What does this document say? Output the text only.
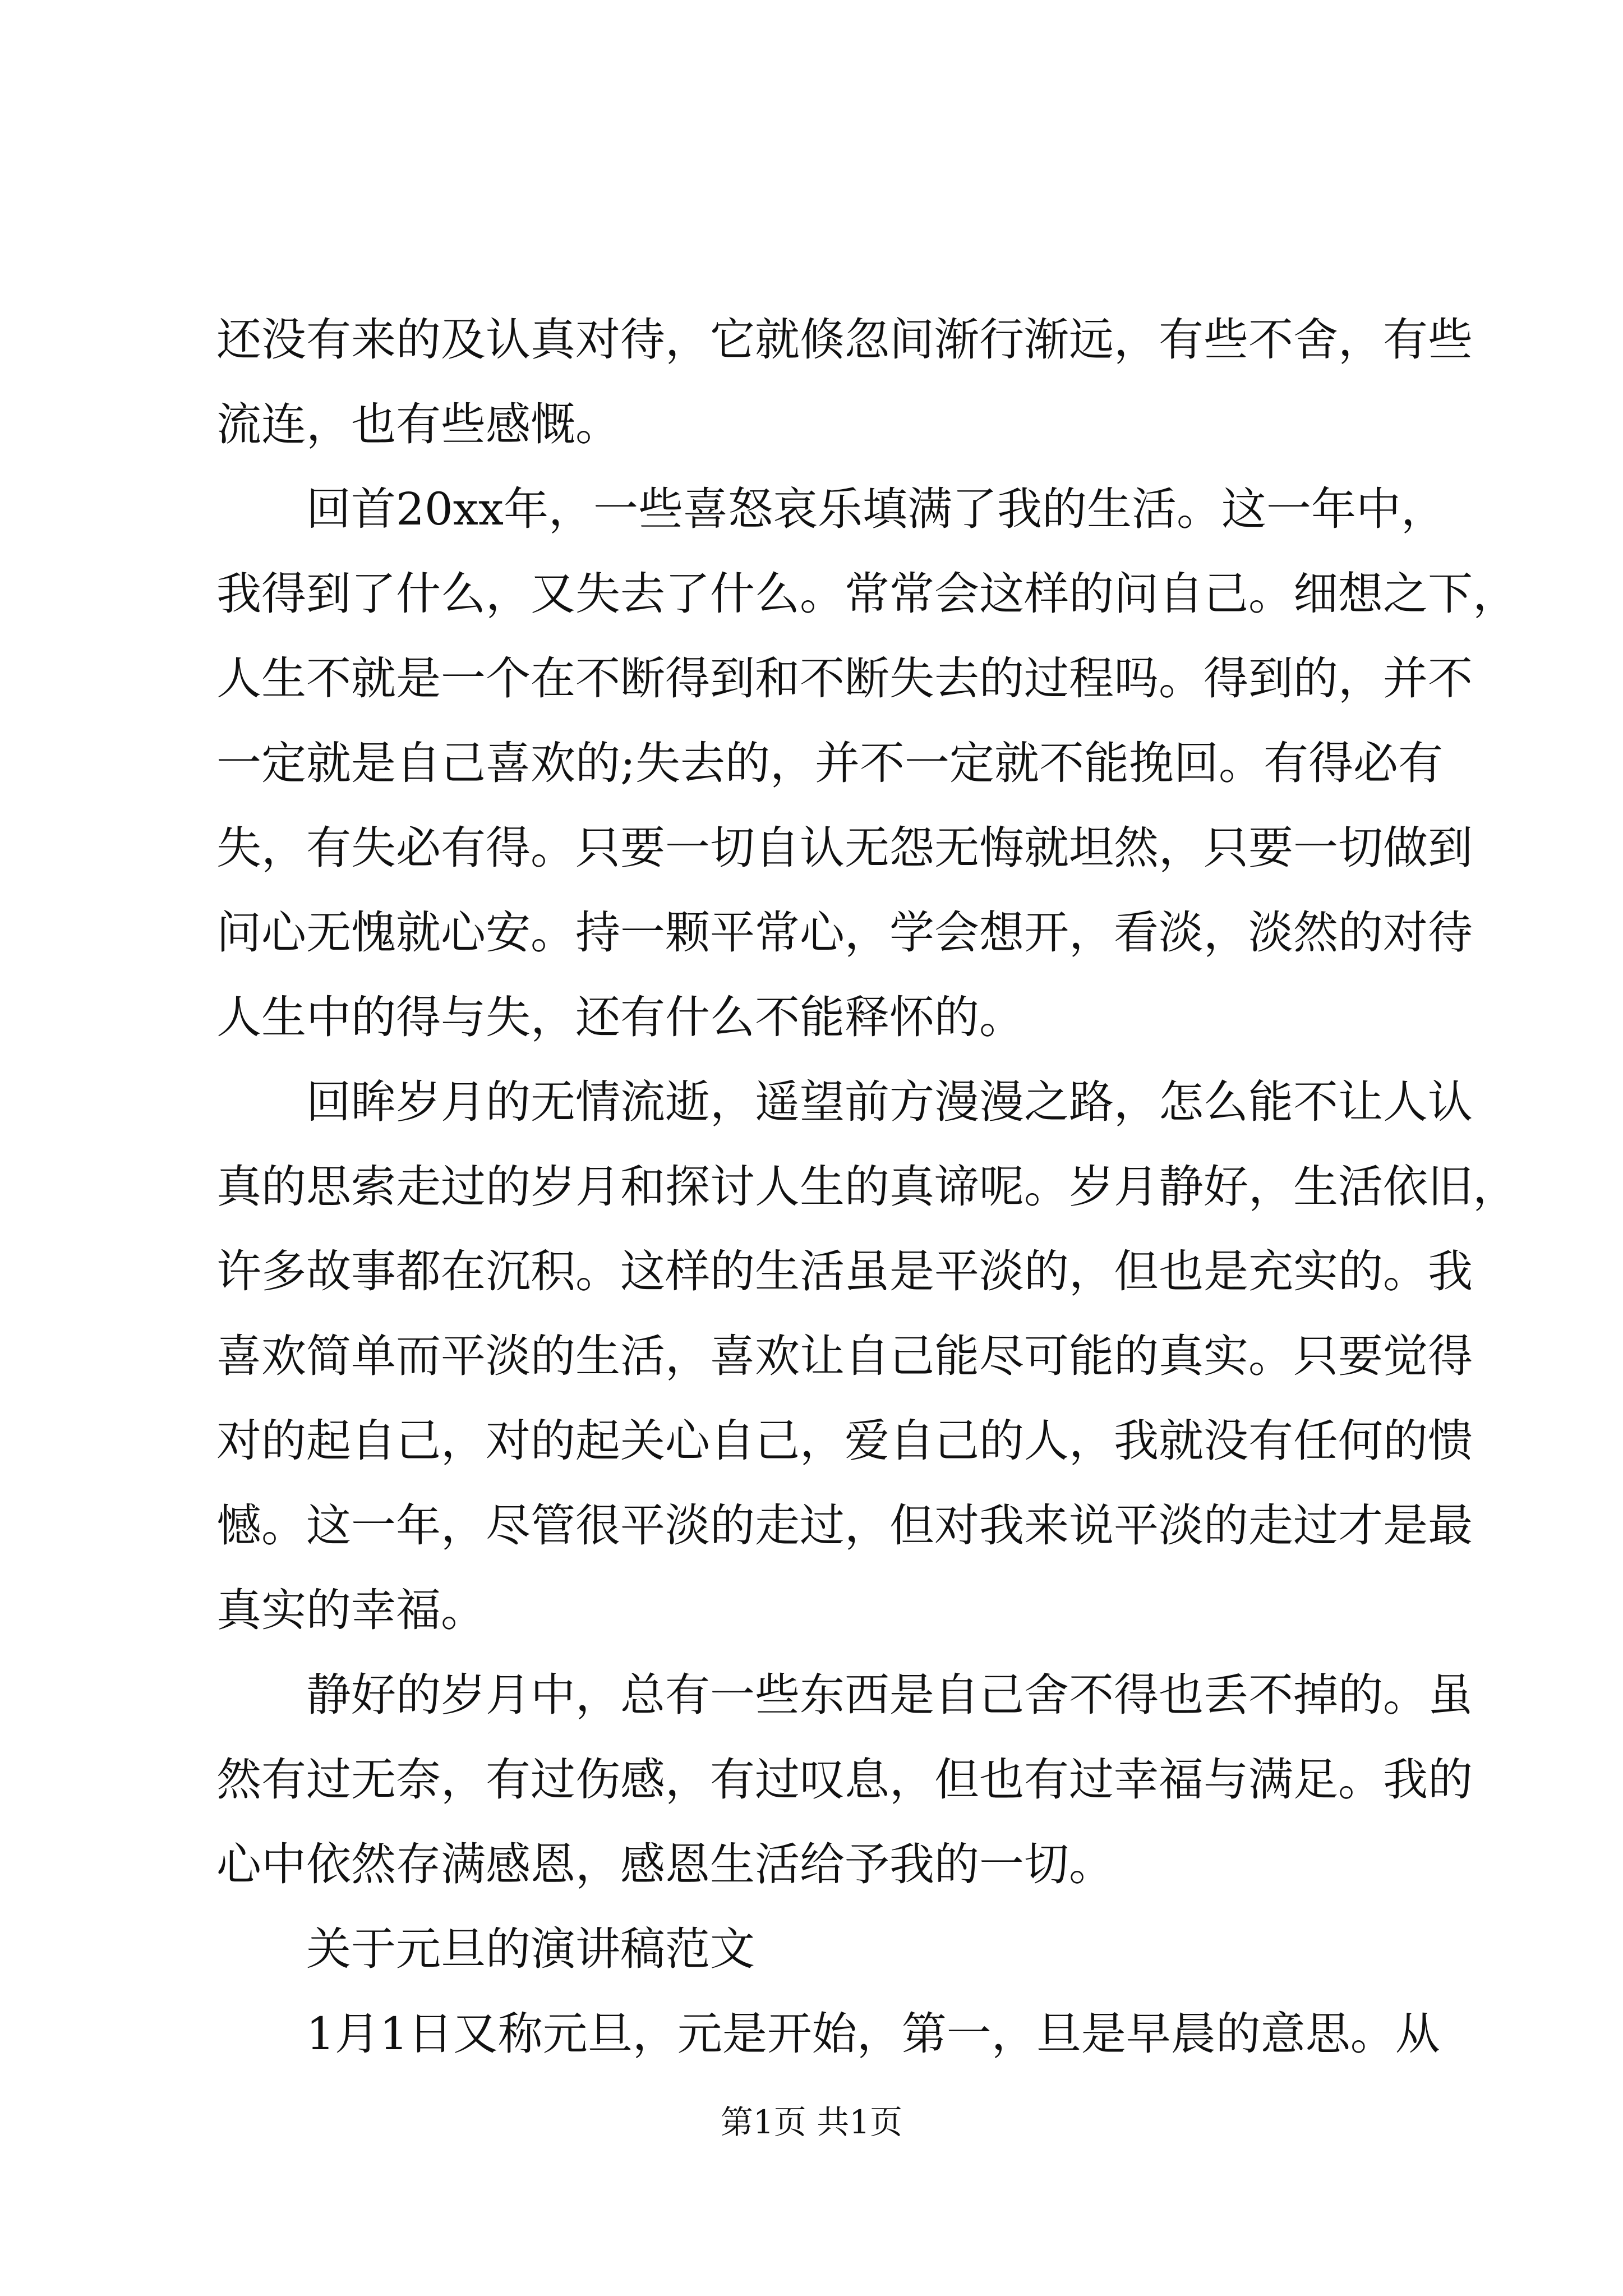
还没有来的及认真对待，它就倏忽间渐行渐远，有些不舍，有些
流连，也有些感慨。
回首20xx年，一些喜怒哀乐填满了我的生活。这一年中，
我得到了什么，又失去了什么。常常会这样的问自己。细想之下，
人生不就是一个在不断得到和不断失去的过程吗。得到的，并不
一定就是自己喜欢的;失去的，并不一定就不能挽回。有得必有
失，有失必有得。只要一切自认无怨无悔就坦然，只要一切做到
问心无愧就心安。持一颗平常心，学会想开，看淡，淡然的对待
人生中的得与失，还有什么不能释怀的。
回眸岁月的无情流逝，遥望前方漫漫之路，怎么能不让人认
真的思索走过的岁月和探讨人生的真谛呢。岁月静好，生活依旧，
许多故事都在沉积。这样的生活虽是平淡的，但也是充实的。我
喜欢简单而平淡的生活，喜欢让自己能尽可能的真实。只要觉得
对的起自己，对的起关心自己，爱自己的人，我就没有任何的愦
憾。这一年，尽管很平淡的走过，但对我来说平淡的走过才是最
真实的幸福。
静好的岁月中，总有一些东西是自己舍不得也丢不掉的。虽
然有过无奈，有过伤感，有过叹息，但也有过幸福与满足。我的
心中依然存满感恩，感恩生活给予我的一切。
关于元旦的演讲稿范文
1月1日又称元旦，元是开始，第一，旦是早晨的意思。从
第1页 共1页
